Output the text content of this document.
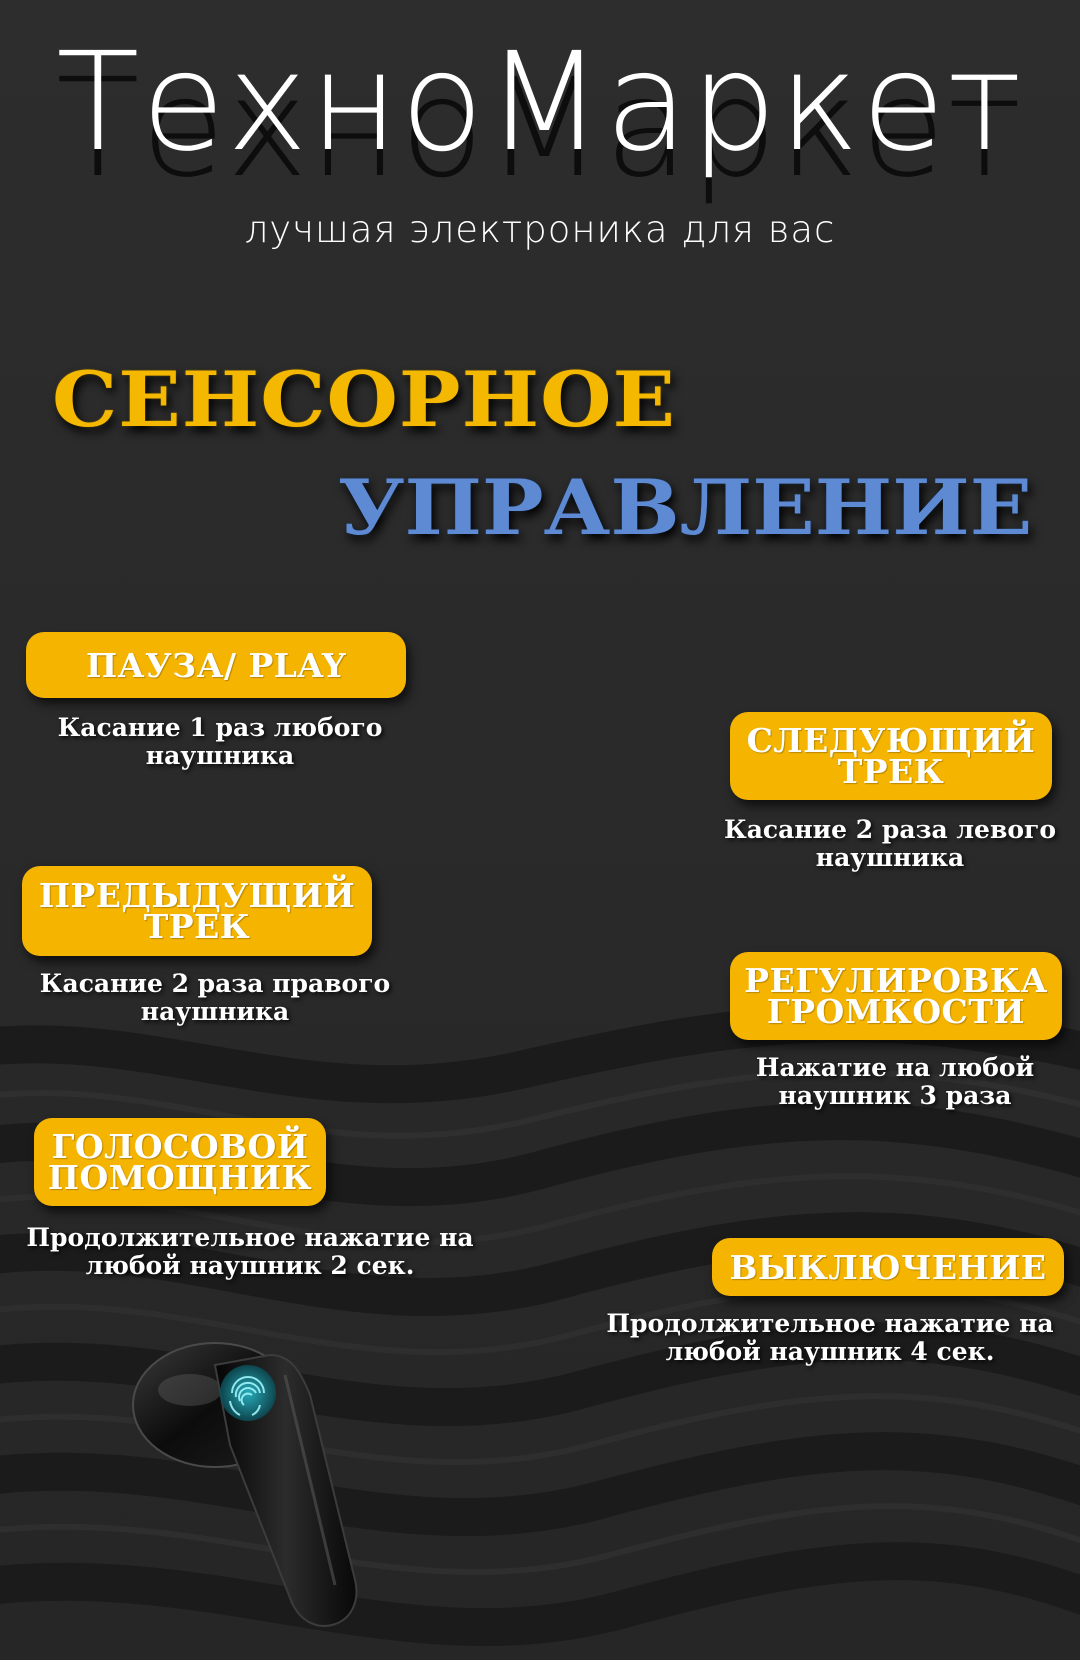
ТехноМаркет
лучшая электроника для вас
СЕНСОРНОЕ
УПРАВЛЕНИЕ
ПАУЗА/ PLAY
Касание 1 раз любого наушника	СЛЕДУЮЩИЙ ТРЕК
Касание 2 раза левого наушника
ПРЕДЫДУЩИЙ ТРЕК
Касание 2 раза правого наушника
РЕГУЛИРОВКА ГРОМКОСТИ
Нажатие на любой наушник 3 раза
ГОЛОСОВОЙ ПОМОЩНИК
Продолжительное нажатие на любой наушник 2 сек.	ВЫКЛЮЧЕНИЕ
Продолжительное нажатие на любой наушник 4 сек.
